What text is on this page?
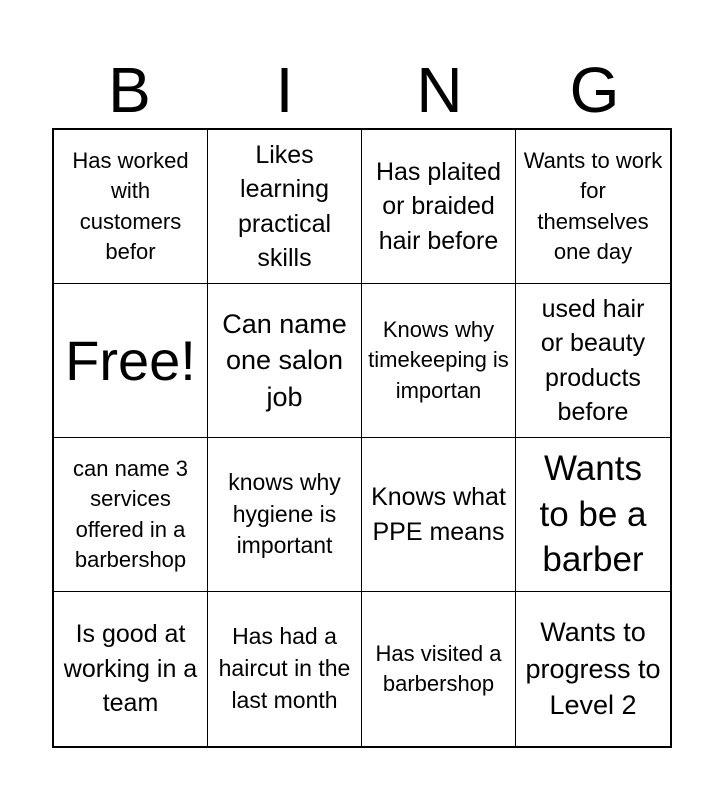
B	I	N	G
Has worked with customers befor
Likes learning practical skills
Has plaited or braided hair before
Wants to work for themselves one day
Free!
Can name one salon job
Knows why timekeeping is importan
used hair or beauty products before
can name 3 services offered in a barbershop
knows why hygiene is important
Knows what PPE means
Wants to be a barber
Is good at working in a team
Has had a haircut in the last month
Has visited a barbershop
Wants to progress to Level 2
